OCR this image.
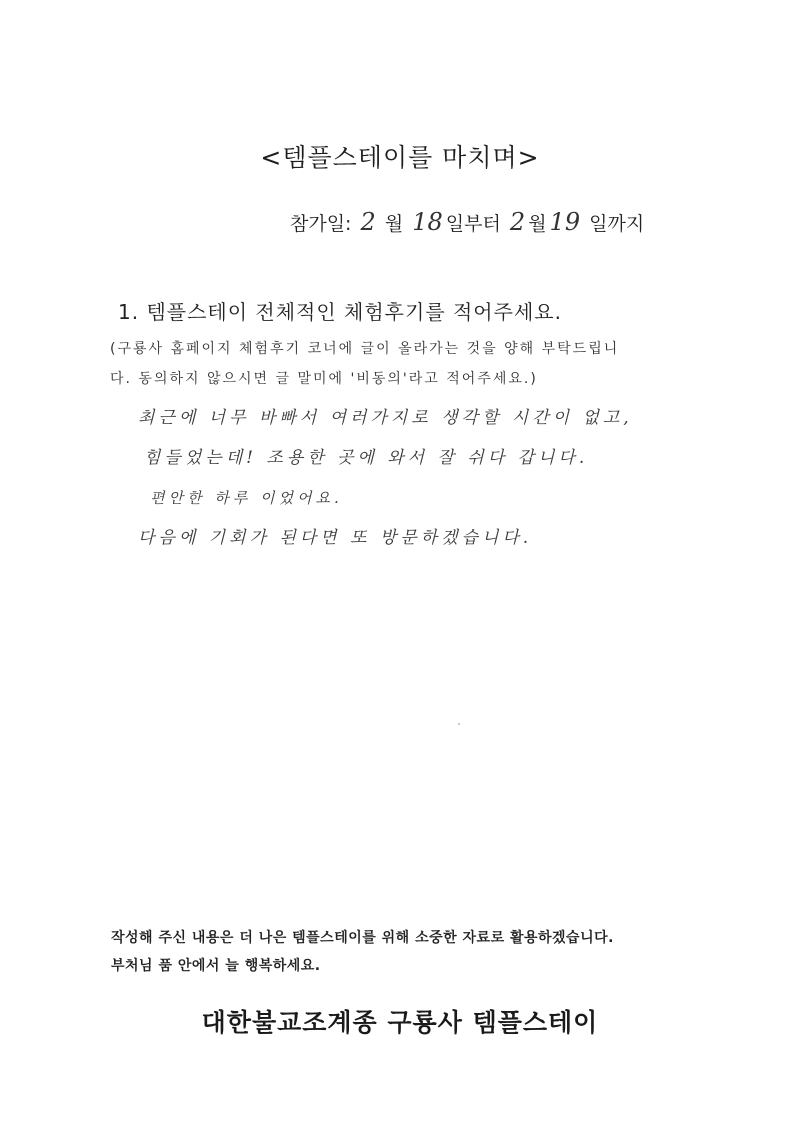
<템플스테이를 마치며>
참가일: 2 월 18 일부터 2 월 19 일까지
1. 템플스테이 전체적인 체험후기를 적어주세요.
(구룡사 홈페이지 체험후기 코너에 글이 올라가는 것을 양해 부탁드립니
다. 동의하지 않으시면 글 말미에 '비동의'라고 적어주세요.)
최근에 너무 바빠서 여러가지로 생각할 시간이 없고,
힘들었는데! 조용한 곳에 와서 잘 쉬다 갑니다.
편안한 하루 이었어요.
다음에 기회가 된다면 또 방문하겠습니다.
작성해 주신 내용은 더 나은 템플스테이를 위해 소중한 자료로 활용하겠습니다.
부처님 품 안에서 늘 행복하세요.
대한불교조계종 구룡사 템플스테이
